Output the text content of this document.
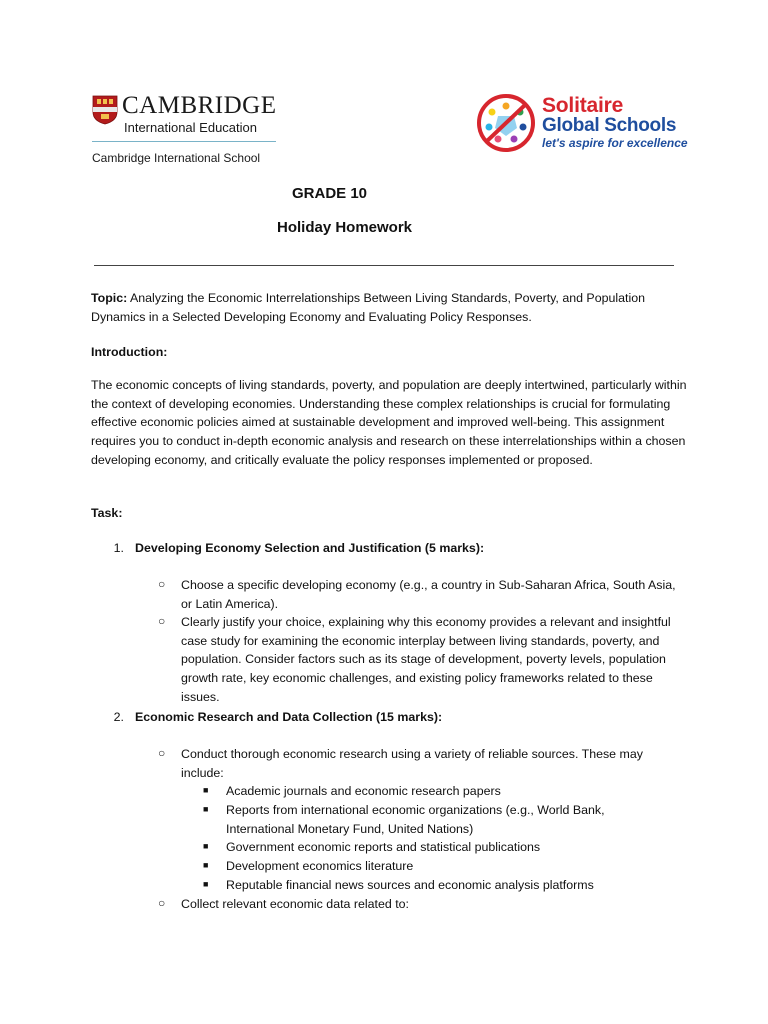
CAMBRIDGE
International Education
Cambridge International School
Solitaire
Global Schools
let's aspire for excellence
GRADE 10
Holiday Homework
Topic: Analyzing the Economic Interrelationships Between Living Standards, Poverty, and Population Dynamics in a Selected Developing Economy and Evaluating Policy Responses.
Introduction:
The economic concepts of living standards, poverty, and population are deeply intertwined, particularly within the context of developing economies. Understanding these complex relationships is crucial for formulating effective economic policies aimed at sustainable development and improved well-being. This assignment requires you to conduct in-depth economic analysis and research on these interrelationships within a chosen developing economy, and critically evaluate the policy responses implemented or proposed.
Task:
1. Developing Economy Selection and Justification (5 marks):
○ Choose a specific developing economy (e.g., a country in Sub-Saharan Africa, South Asia, or Latin America).
○ Clearly justify your choice, explaining why this economy provides a relevant and insightful case study for examining the economic interplay between living standards, poverty, and population. Consider factors such as its stage of development, poverty levels, population growth rate, key economic challenges, and existing policy frameworks related to these issues.
2. Economic Research and Data Collection (15 marks):
○ Conduct thorough economic research using a variety of reliable sources. These may include:
■ Academic journals and economic research papers
■ Reports from international economic organizations (e.g., World Bank, International Monetary Fund, United Nations)
■ Government economic reports and statistical publications
■ Development economics literature
■ Reputable financial news sources and economic analysis platforms
○ Collect relevant economic data related to:
